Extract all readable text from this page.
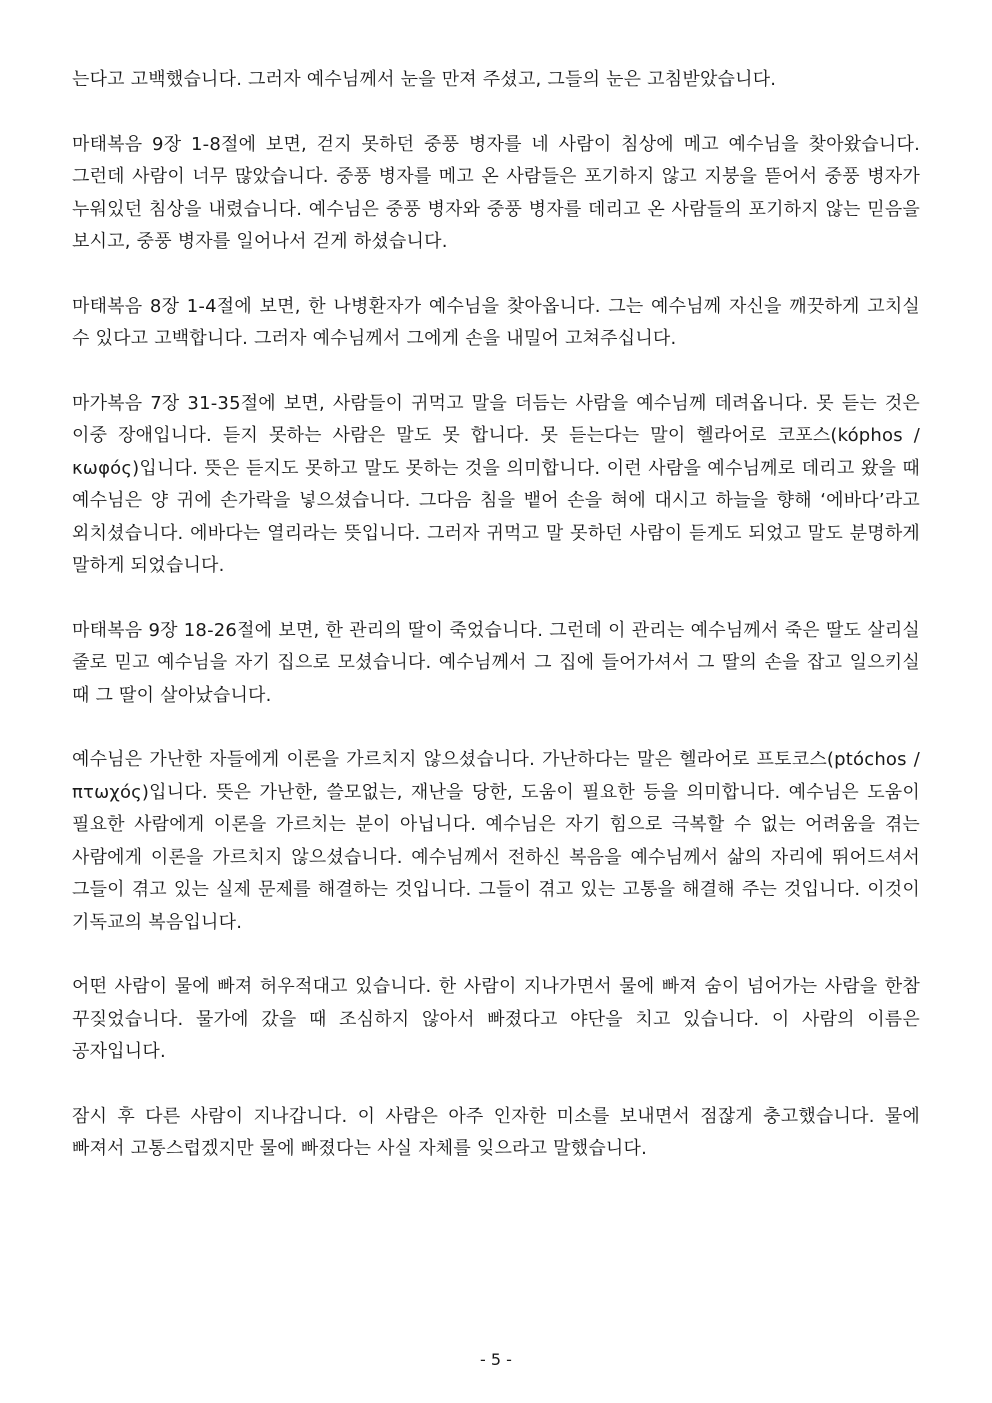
는다고 고백했습니다. 그러자 예수님께서 눈을 만져 주셨고, 그들의 눈은 고침받았습니다.

마태복음 9장 1-8절에 보면, 걷지 못하던 중풍 병자를 네 사람이 침상에 메고 예수님을 찾아왔습니다. 그런데 사람이 너무 많았습니다. 중풍 병자를 메고 온 사람들은 포기하지 않고 지붕을 뜯어서 중풍 병자가 누워있던 침상을 내렸습니다. 예수님은 중풍 병자와 중풍 병자를 데리고 온 사람들의 포기하지 않는 믿음을 보시고, 중풍 병자를 일어나서 걷게 하셨습니다.

마태복음 8장 1-4절에 보면, 한 나병환자가 예수님을 찾아옵니다. 그는 예수님께 자신을 깨끗하게 고치실 수 있다고 고백합니다. 그러자 예수님께서 그에게 손을 내밀어 고쳐주십니다.

마가복음 7장 31-35절에 보면, 사람들이 귀먹고 말을 더듬는 사람을 예수님께 데려옵니다. 못 듣는 것은 이중 장애입니다. 듣지 못하는 사람은 말도 못 합니다. 못 듣는다는 말이 헬라어로 코포스(kóphos / κωφός)입니다. 뜻은 듣지도 못하고 말도 못하는 것을 의미합니다. 이런 사람을 예수님께로 데리고 왔을 때 예수님은 양 귀에 손가락을 넣으셨습니다. 그다음 침을 뱉어 손을 혀에 대시고 하늘을 향해 ‘에바다’라고 외치셨습니다. 에바다는 열리라는 뜻입니다. 그러자 귀먹고 말 못하던 사람이 듣게도 되었고 말도 분명하게 말하게 되었습니다.

마태복음 9장 18-26절에 보면, 한 관리의 딸이 죽었습니다. 그런데 이 관리는 예수님께서 죽은 딸도 살리실 줄로 믿고 예수님을 자기 집으로 모셨습니다. 예수님께서 그 집에 들어가셔서 그 딸의 손을 잡고 일으키실 때 그 딸이 살아났습니다.

예수님은 가난한 자들에게 이론을 가르치지 않으셨습니다. 가난하다는 말은 헬라어로 프토코스(ptóchos / πτωχός)입니다. 뜻은 가난한, 쓸모없는, 재난을 당한, 도움이 필요한 등을 의미합니다. 예수님은 도움이 필요한 사람에게 이론을 가르치는 분이 아닙니다. 예수님은 자기 힘으로 극복할 수 없는 어려움을 겪는 사람에게 이론을 가르치지 않으셨습니다. 예수님께서 전하신 복음을 예수님께서 삶의 자리에 뛰어드셔서 그들이 겪고 있는 실제 문제를 해결하는 것입니다. 그들이 겪고 있는 고통을 해결해 주는 것입니다. 이것이 기독교의 복음입니다.

어떤 사람이 물에 빠져 허우적대고 있습니다. 한 사람이 지나가면서 물에 빠져 숨이 넘어가는 사람을 한참 꾸짖었습니다. 물가에 갔을 때 조심하지 않아서 빠졌다고 야단을 치고 있습니다. 이 사람의 이름은 공자입니다.

잠시 후 다른 사람이 지나갑니다. 이 사람은 아주 인자한 미소를 보내면서 점잖게 충고했습니다. 물에 빠져서 고통스럽겠지만 물에 빠졌다는 사실 자체를 잊으라고 말했습니다.

- 5 -
